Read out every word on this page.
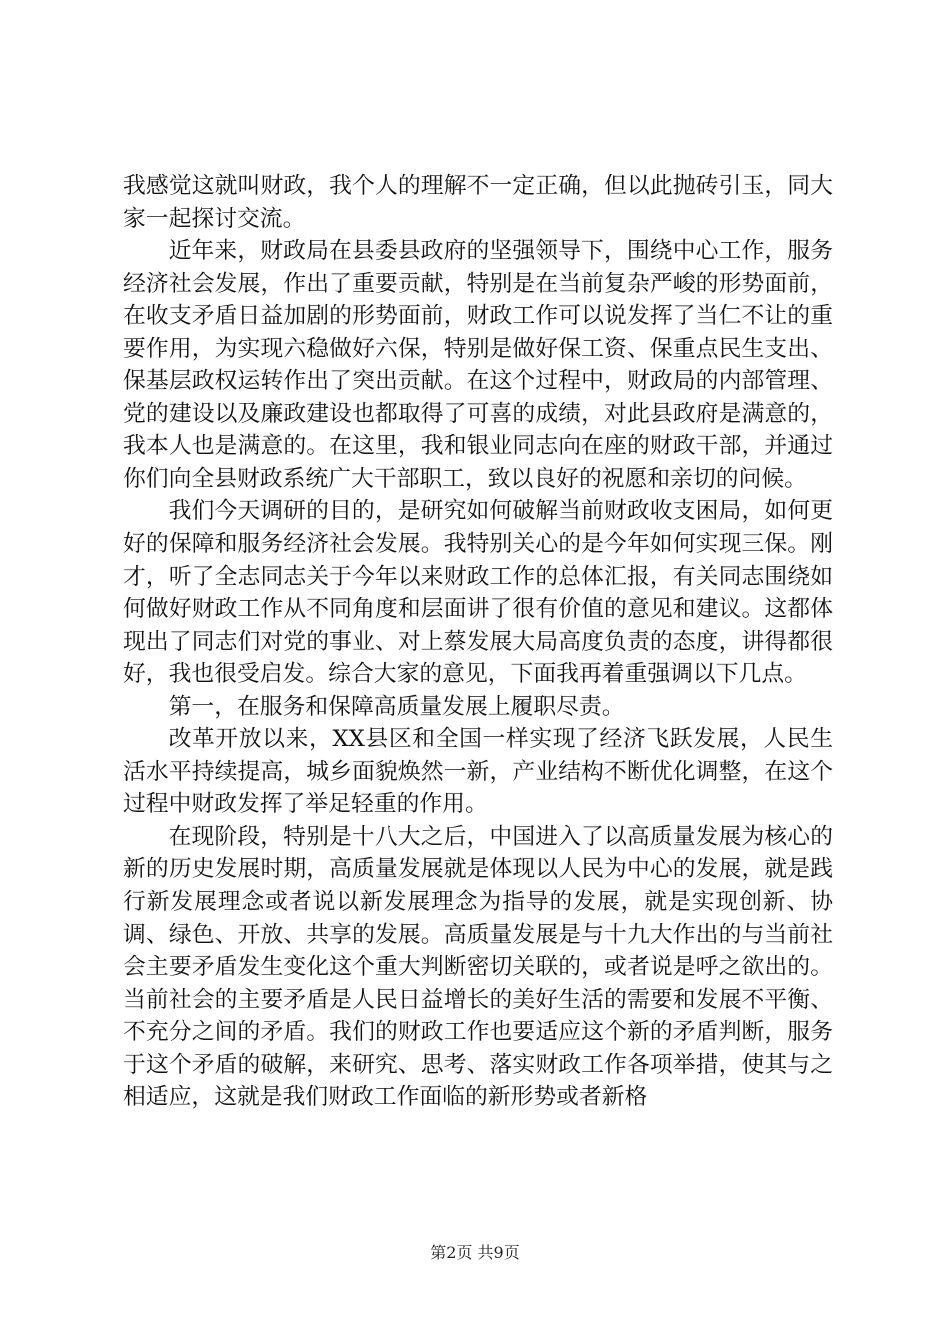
我感觉这就叫财政，我个人的理解不一定正确，但以此抛砖引玉，同大家一起探讨交流。

近年来，财政局在县委县政府的坚强领导下，围绕中心工作，服务经济社会发展，作出了重要贡献，特别是在当前复杂严峻的形势面前，在收支矛盾日益加剧的形势面前，财政工作可以说发挥了当仁不让的重要作用，为实现六稳做好六保，特别是做好保工资、保重点民生支出、保基层政权运转作出了突出贡献。在这个过程中，财政局的内部管理、党的建设以及廉政建设也都取得了可喜的成绩，对此县政府是满意的，我本人也是满意的。在这里，我和银业同志向在座的财政干部，并通过你们向全县财政系统广大干部职工，致以良好的祝愿和亲切的问候。

我们今天调研的目的，是研究如何破解当前财政收支困局，如何更好的保障和服务经济社会发展。我特别关心的是今年如何实现三保。刚才，听了全志同志关于今年以来财政工作的总体汇报，有关同志围绕如何做好财政工作从不同角度和层面讲了很有价值的意见和建议。这都体现出了同志们对党的事业、对上蔡发展大局高度负责的态度，讲得都很好，我也很受启发。综合大家的意见，下面我再着重强调以下几点。

第一，在服务和保障高质量发展上履职尽责。

改革开放以来，XX县区和全国一样实现了经济飞跃发展，人民生活水平持续提高，城乡面貌焕然一新，产业结构不断优化调整，在这个过程中财政发挥了举足轻重的作用。

在现阶段，特别是十八大之后，中国进入了以高质量发展为核心的新的历史发展时期，高质量发展就是体现以人民为中心的发展，就是践行新发展理念或者说以新发展理念为指导的发展，就是实现创新、协调、绿色、开放、共享的发展。高质量发展是与十九大作出的与当前社会主要矛盾发生变化这个重大判断密切关联的，或者说是呼之欲出的。当前社会的主要矛盾是人民日益增长的美好生活的需要和发展不平衡、不充分之间的矛盾。我们的财政工作也要适应这个新的矛盾判断，服务于这个矛盾的破解，来研究、思考、落实财政工作各项举措，使其与之相适应，这就是我们财政工作面临的新形势或者新格

第2页 共9页
